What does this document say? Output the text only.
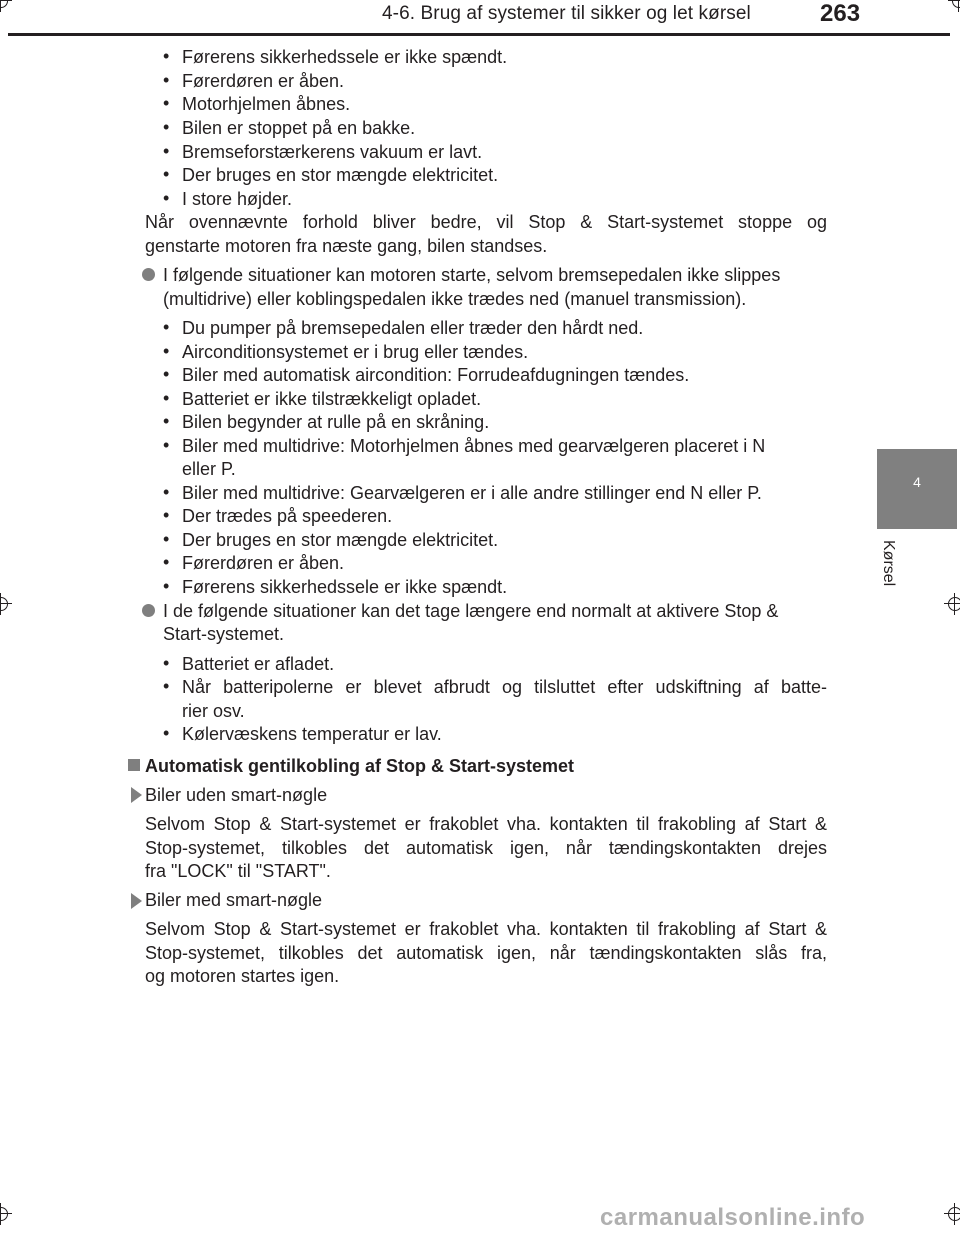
4-6. Brug af systemer til sikker og let kørsel	263
4
Kørsel
• Førerens sikkerhedssele er ikke spændt.
• Førerdøren er åben.
• Motorhjelmen åbnes.
• Bilen er stoppet på en bakke.
• Bremseforstærkerens vakuum er lavt.
• Der bruges en stor mængde elektricitet.
• I store højder.
Når ovennævnte forhold bliver bedre, vil Stop & Start-systemet stoppe og
genstarte motoren fra næste gang, bilen standses.
I følgende situationer kan motoren starte, selvom bremsepedalen ikke slippes
(multidrive) eller koblingspedalen ikke trædes ned (manuel transmission).
• Du pumper på bremsepedalen eller træder den hårdt ned.
• Airconditionsystemet er i brug eller tændes.
• Biler med automatisk aircondition: Forrudeafdugningen tændes.
• Batteriet er ikke tilstrækkeligt opladet.
• Bilen begynder at rulle på en skråning.
• Biler med multidrive: Motorhjelmen åbnes med gearvælgeren placeret i N
eller P.
• Biler med multidrive: Gearvælgeren er i alle andre stillinger end N eller P.
• Der trædes på speederen.
• Der bruges en stor mængde elektricitet.
• Førerdøren er åben.
• Førerens sikkerhedssele er ikke spændt.
I de følgende situationer kan det tage længere end normalt at aktivere Stop &
Start-systemet.
• Batteriet er afladet.
• Når batteripolerne er blevet afbrudt og tilsluttet efter udskiftning af batte-
rier osv.
• Kølervæskens temperatur er lav.
Automatisk gentilkobling af Stop & Start-systemet
Biler uden smart-nøgle
Selvom Stop & Start-systemet er frakoblet vha. kontakten til frakobling af Start &
Stop-systemet, tilkobles det automatisk igen, når tændingskontakten drejes
fra "LOCK" til "START".
Biler med smart-nøgle
Selvom Stop & Start-systemet er frakoblet vha. kontakten til frakobling af Start &
Stop-systemet, tilkobles det automatisk igen, når tændingskontakten slås fra,
og motoren startes igen.
carmanualsonline.info
